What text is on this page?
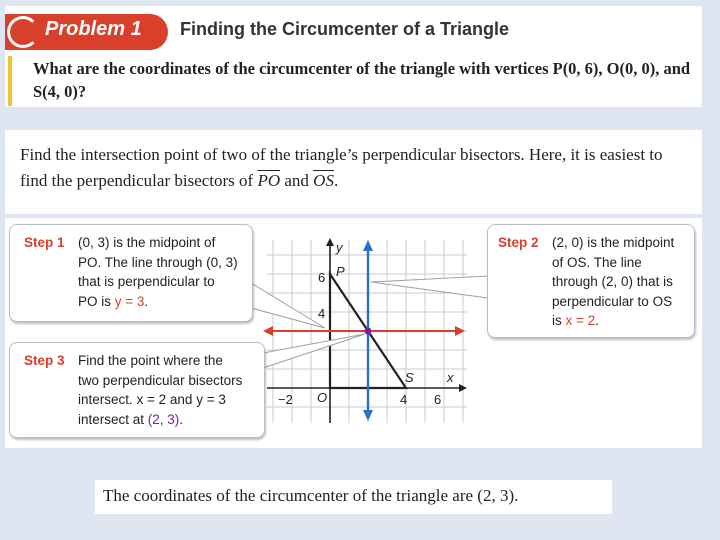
Problem 1 Finding the Circumcenter of a Triangle
What are the coordinates of the circumcenter of the triangle with vertices P(0, 6), O(0, 0), and S(4, 0)?
Find the intersection point of two of the triangle’s perpendicular bisectors. Here, it is easiest to find the perpendicular bisectors of $\overline{PO}$ and $\overline{OS}$.
y
x
P
S
O
6
4
−2	4 6
Step 1 (0, 3) is the midpoint of
PO. The line through (0, 3)
that is perpendicular to
PO is y = 3.
Step 2 (2, 0) is the midpoint
of OS. The line
through (2, 0) that is
perpendicular to OS
is x = 2.
Step 3 Find the point where the
two perpendicular bisectors
intersect. x = 2 and y = 3
intersect at (2, 3).
The coordinates of the circumcenter of the triangle are (2, 3).
